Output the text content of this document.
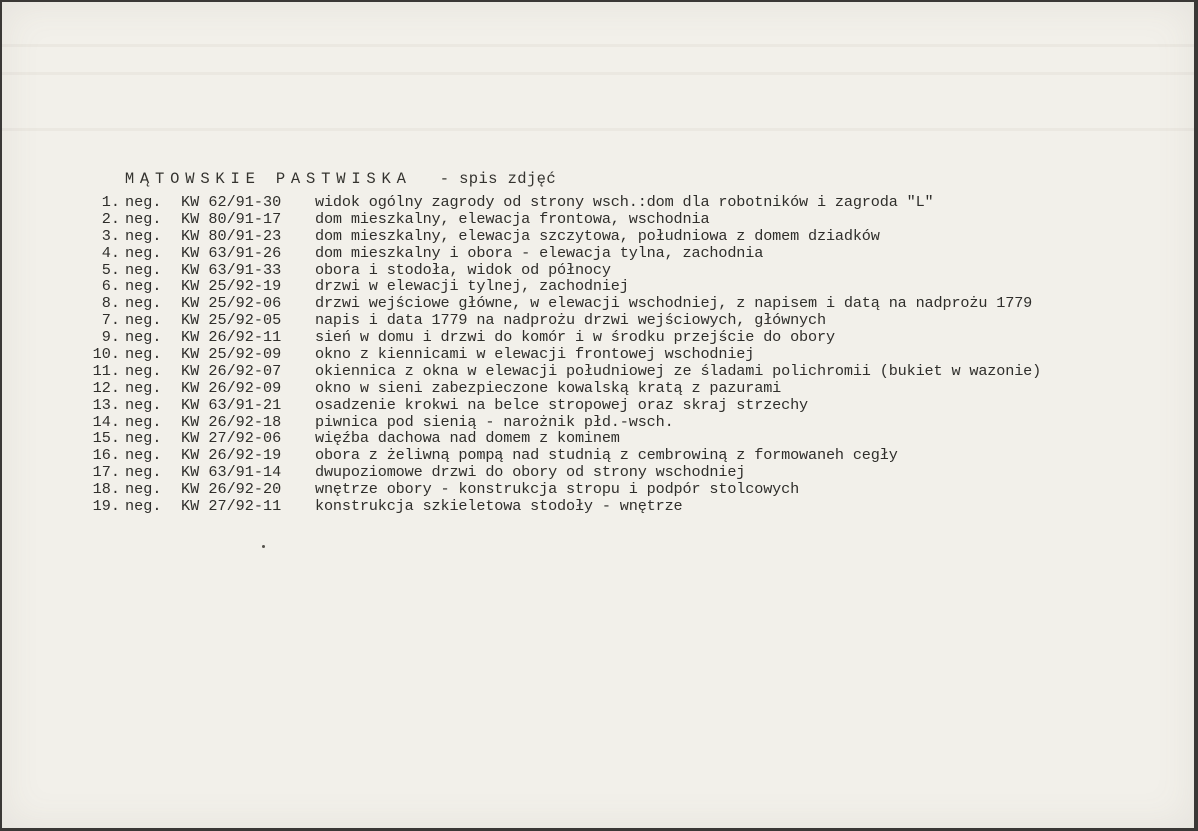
MĄTOWSKIE PASTWISKA - spis zdjęć

1. neg.	KW 62/91-30	widok ogólny zagrody od strony wsch.:dom dla robotników i zagroda "L"
2. neg.	KW 80/91-17	dom mieszkalny, elewacja frontowa, wschodnia
3. neg.	KW 80/91-23	dom mieszkalny, elewacja szczytowa, południowa z domem dziadków
4. neg.	KW 63/91-26	dom mieszkalny i obora - elewacja tylna, zachodnia
5. neg.	KW 63/91-33	obora i stodoła, widok od północy
6. neg.	KW 25/92-19	drzwi w elewacji tylnej, zachodniej
8. neg.	KW 25/92-06	drzwi wejściowe główne, w elewacji wschodniej, z napisem i datą na nadprożu 1779
7. neg.	KW 25/92-05	napis i data 1779 na nadprożu drzwi wejściowych, głównych
9. neg.	KW 26/92-11	sień w domu i drzwi do komór i w środku przejście do obory
10. neg.	KW 25/92-09	okno z kiennicami w elewacji frontowej wschodniej
11. neg.	KW 26/92-07	okiennica z okna w elewacji południowej ze śladami polichromii (bukiet w wazonie)
12. neg.	KW 26/92-09	okno w sieni zabezpieczone kowalską kratą z pazurami
13. neg.	KW 63/91-21	osadzenie krokwi na belce stropowej oraz skraj strzechy
14. neg.	KW 26/92-18	piwnica pod sienią - narożnik płd.-wsch.
15. neg.	KW 27/92-06	więźba dachowa nad domem z kominem
16. neg.	KW 26/92-19	obora z żeliwną pompą nad studnią z cembrowiną z formowaneh cegły
17. neg.	KW 63/91-14	dwupoziomowe drzwi do obory od strony wschodniej
18. neg.	KW 26/92-20	wnętrze obory - konstrukcja stropu i podpór stolcowych
19. neg.	KW 27/92-11	konstrukcja szkieletowa stodoły - wnętrze
